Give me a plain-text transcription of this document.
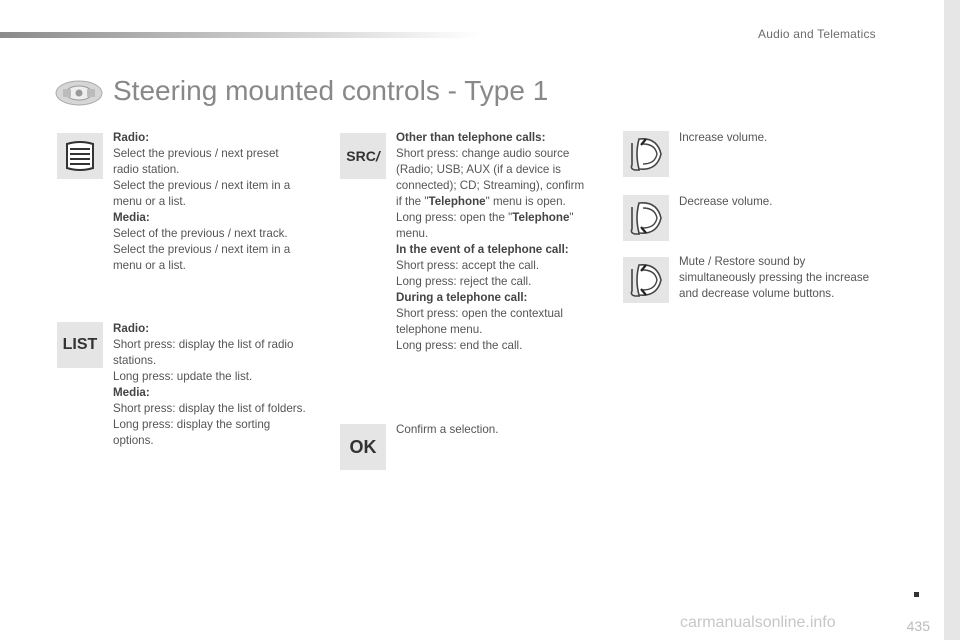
Audio and Telematics
Steering mounted controls - Type 1

Radio:

Select the previous / next preset

radio station.

Select the previous / next item in a

menu or a list.

Media:

Select of the previous / next track.

Select the previous / next item in a

menu or a list.

LIST

Radio:

Short press: display the list of radio

stations.

Long press: update the list.

Media:

Short press: display the list of folders.

Long press: display the sorting

options.

SRC/

Other than telephone calls:

Short press: change audio source

(Radio; USB; AUX (if a device is

connected); CD; Streaming), confirm

if the "Telephone" menu is open.

Long press: open the "Telephone"

menu.

In the event of a telephone call:

Short press: accept the call.

Long press: reject the call.

During a telephone call:

Short press: open the contextual

telephone menu.

Long press: end the call.

OK

Confirm a selection.

Increase volume.

Decrease volume.

Mute / Restore sound by

simultaneously pressing the increase

and decrease volume buttons.

435
carmanualsonline.info
